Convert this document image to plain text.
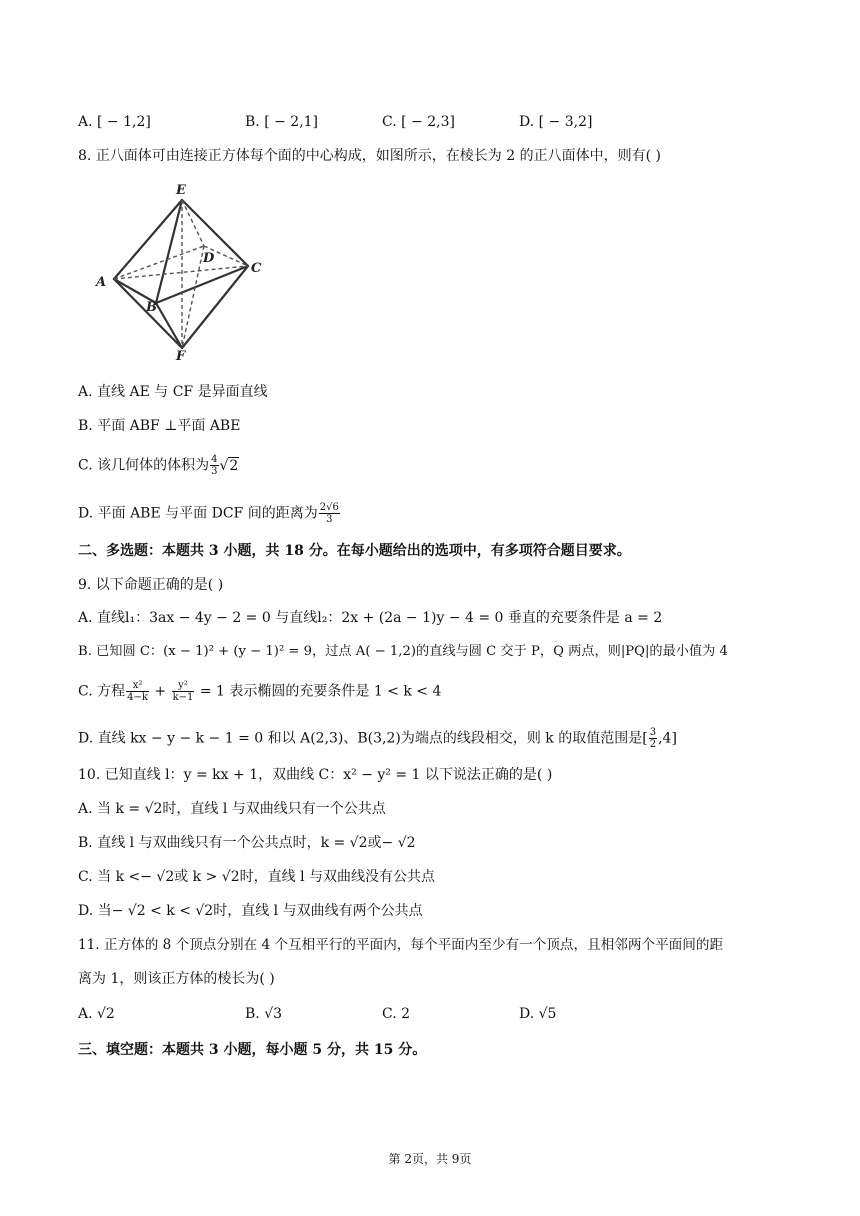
A. [ − 1,2]	B. [ − 2,1]	C. [ − 2,3]	D. [ − 3,2]
8. 正八面体可由连接正方体每个面的中心构成，如图所示，在棱长为 2 的正八面体中，则有( )
E
D
A
C
B
F
A. 直线 AE 与 CF 是异面直线
B. 平面 ABF ⊥平面 ABE
C. 该几何体的体积为 $\frac{4}{3} √2$
D. 平面 ABE 与平面 DCF 间的距离为 $\frac{2√6}{3}$
二、多选题：本题共 3 小题，共 18 分。在每小题给出的选项中，有多项符合题目要求。
9. 以下命题正确的是( )
A. 直线l₁：3ax − 4y − 2 = 0 与直线l₂：2x + (2a − 1)y − 4 = 0 垂直的充要条件是 a = 2
B. 已知圆 C：(x − 1)² + (y − 1)² = 9，过点 A( − 1,2)的直线与圆 C 交于 P，Q 两点，则|PQ|的最小值为 4
C. 方程 $\frac{\text{x²}}{4-k} + \frac{\text{y²}}{k-1} = 1$ 表示椭圆的充要条件是 1 < k < 4
D. 直线 kx − y − k − 1 = 0 和以 A(2,3)、B(3,2)为端点的线段相交，则 k 的取值范围是[ $\frac{3}{2} ,4$]
10. 已知直线 l：y = kx + 1，双曲线 C：x² − y² = 1 以下说法正确的是( )
A. 当 k = √2时，直线 l 与双曲线只有一个公共点
B. 直线 l 与双曲线只有一个公共点时，k = √2或− √2
C. 当 k <− √2或 k > √2时，直线 l 与双曲线没有公共点
D. 当− √2 < k < √2时，直线 l 与双曲线有两个公共点
11. 正方体的 8 个顶点分别在 4 个互相平行的平面内，每个平面内至少有一个顶点，且相邻两个平面间的距
离为 1，则该正方体的棱长为( )
A. √2	B. √3	C. 2	D. √5
三、填空题：本题共 3 小题，每小题 5 分，共 15 分。
第 2页，共 9页
